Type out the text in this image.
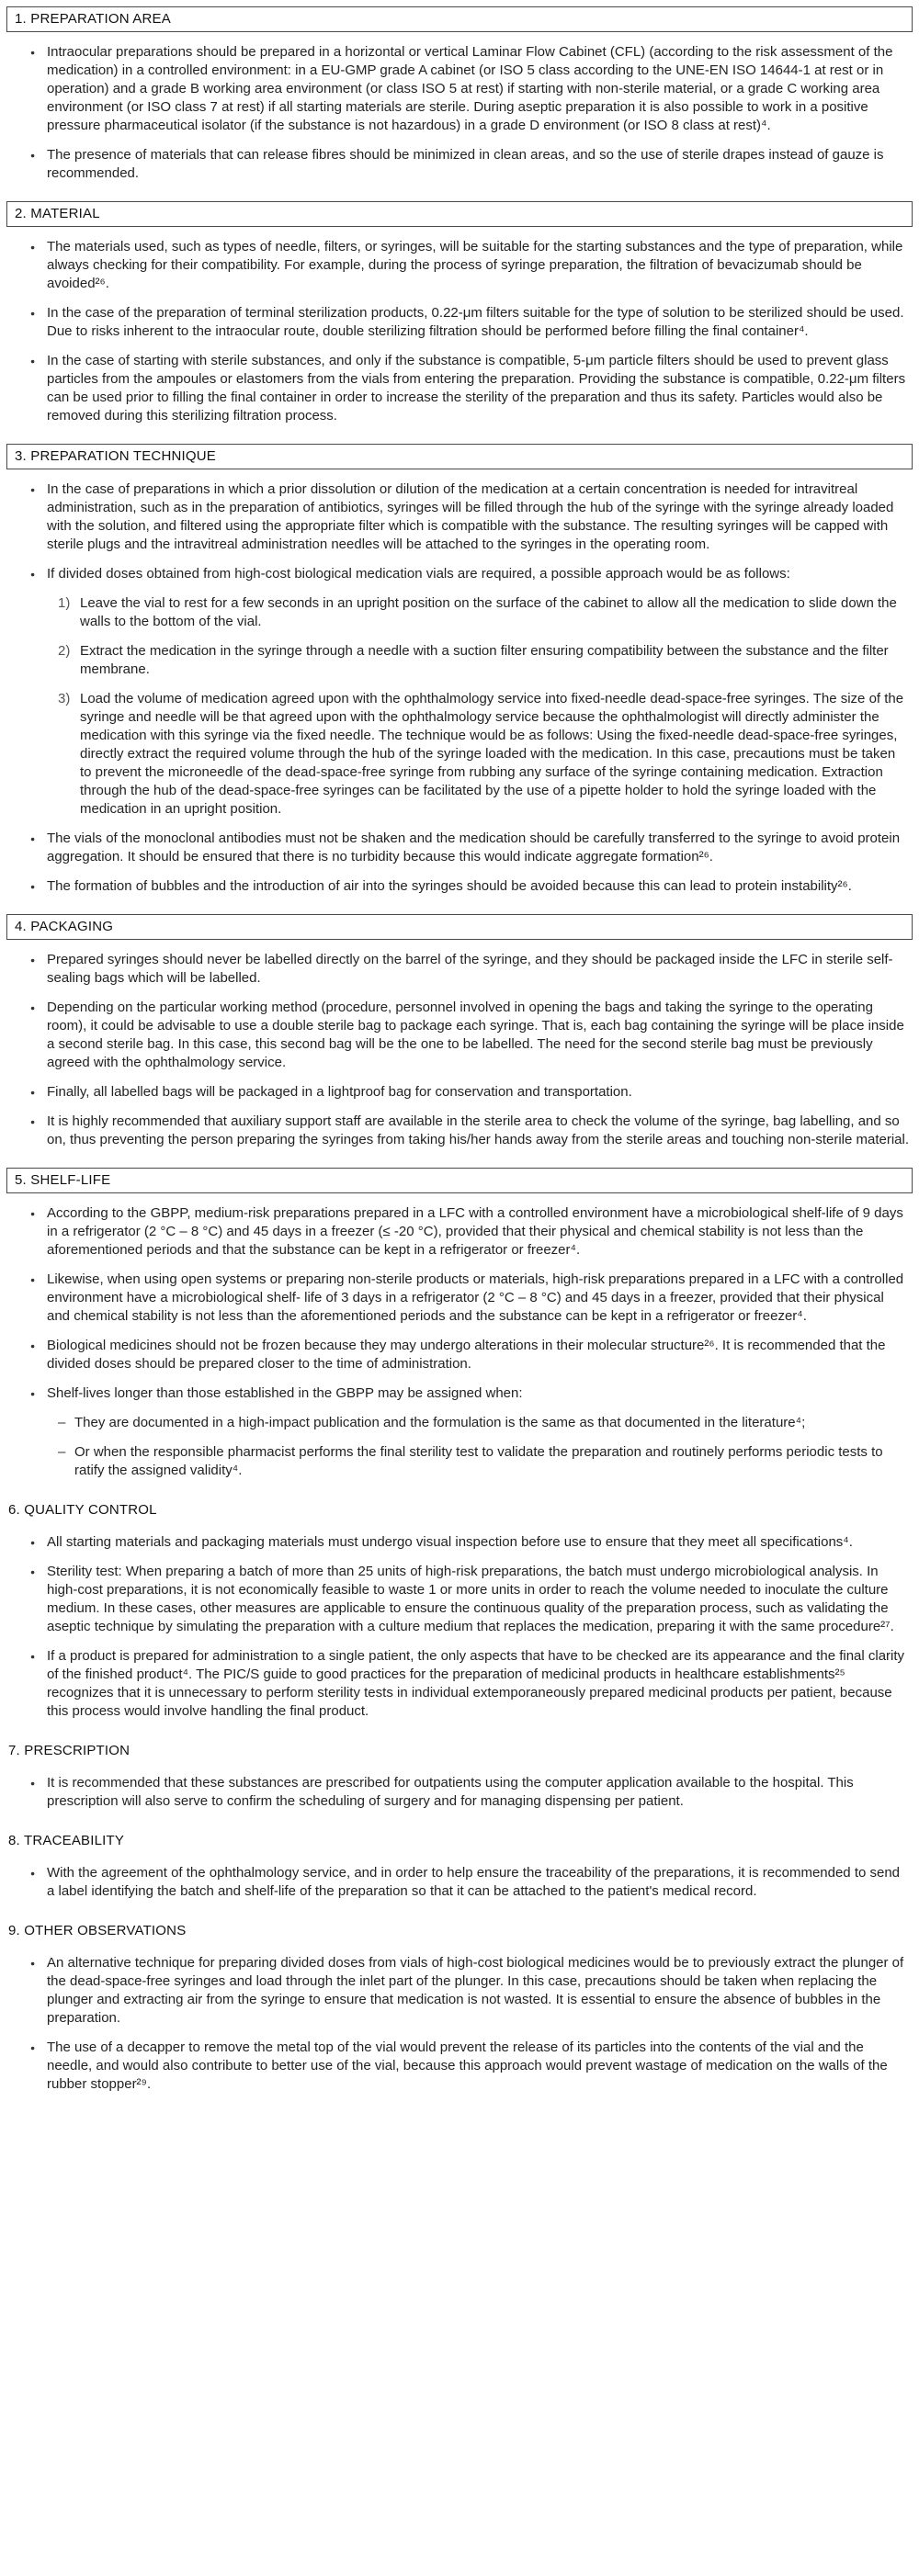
1. PREPARATION AREA
● Intraocular preparations should be prepared in a horizontal or vertical Laminar Flow Cabinet (CFL) (according to the risk assessment of the medication) in a controlled environment: in a EU-GMP grade A cabinet (or ISO 5 class according to the UNE-EN ISO 14644-1 at rest or in operation) and a grade B working area environment (or class ISO 5 at rest) if starting with non-sterile material, or a grade C working area environment (or ISO class 7 at rest) if all starting materials are sterile. During aseptic preparation it is also possible to work in a positive pressure pharmaceutical isolator (if the substance is not hazardous) in a grade D environment (or ISO 8 class at rest)⁴.
● The presence of materials that can release fibres should be minimized in clean areas, and so the use of sterile drapes instead of gauze is recommended.
2. MATERIAL
● The materials used, such as types of needle, filters, or syringes, will be suitable for the starting substances and the type of preparation, while always checking for their compatibility. For example, during the process of syringe preparation, the filtration of bevacizumab should be avoided²⁶.
● In the case of the preparation of terminal sterilization products, 0.22-μm filters suitable for the type of solution to be sterilized should be used. Due to risks inherent to the intraocular route, double sterilizing filtration should be performed before filling the final container⁴.
● In the case of starting with sterile substances, and only if the substance is compatible, 5-μm particle filters should be used to prevent glass particles from the ampoules or elastomers from the vials from entering the preparation. Providing the substance is compatible, 0.22-μm filters can be used prior to filling the final container in order to increase the sterility of the preparation and thus its safety. Particles would also be removed during this sterilizing filtration process.
3. PREPARATION TECHNIQUE
● In the case of preparations in which a prior dissolution or dilution of the medication at a certain concentration is needed for intravitreal administration, such as in the preparation of antibiotics, syringes will be filled through the hub of the syringe with the syringe already loaded with the solution, and filtered using the appropriate filter which is compatible with the substance. The resulting syringes will be capped with sterile plugs and the intravitreal administration needles will be attached to the syringes in the operating room.
● If divided doses obtained from high-cost biological medication vials are required, a possible approach would be as follows:
1) Leave the vial to rest for a few seconds in an upright position on the surface of the cabinet to allow all the medication to slide down the walls to the bottom of the vial.
2) Extract the medication in the syringe through a needle with a suction filter ensuring compatibility between the substance and the filter membrane.
3) Load the volume of medication agreed upon with the ophthalmology service into fixed-needle dead-space-free syringes. The size of the syringe and needle will be that agreed upon with the ophthalmology service because the ophthalmologist will directly administer the medication with this syringe via the fixed needle. The technique would be as follows: Using the fixed-needle dead-space-free syringes, directly extract the required volume through the hub of the syringe loaded with the medication. In this case, precautions must be taken to prevent the microneedle of the dead-space-free syringe from rubbing any surface of the syringe containing medication. Extraction through the hub of the dead-space-free syringes can be facilitated by the use of a pipette holder to hold the syringe loaded with the medication in an upright position.
● The vials of the monoclonal antibodies must not be shaken and the medication should be carefully transferred to the syringe to avoid protein aggregation. It should be ensured that there is no turbidity because this would indicate aggregate formation²⁶.
● The formation of bubbles and the introduction of air into the syringes should be avoided because this can lead to protein instability²⁶.
4. PACKAGING
● Prepared syringes should never be labelled directly on the barrel of the syringe, and they should be packaged inside the LFC in sterile self-sealing bags which will be labelled.
● Depending on the particular working method (procedure, personnel involved in opening the bags and taking the syringe to the operating room), it could be advisable to use a double sterile bag to package each syringe. That is, each bag containing the syringe will be place inside a second sterile bag. In this case, this second bag will be the one to be labelled. The need for the second sterile bag must be previously agreed with the ophthalmology service.
● Finally, all labelled bags will be packaged in a lightproof bag for conservation and transportation.
● It is highly recommended that auxiliary support staff are available in the sterile area to check the volume of the syringe, bag labelling, and so on, thus preventing the person preparing the syringes from taking his/her hands away from the sterile areas and touching non-sterile material.
5. SHELF-LIFE
● According to the GBPP, medium-risk preparations prepared in a LFC with a controlled environment have a microbiological shelf-life of 9 days in a refrigerator (2 °C – 8 °C) and 45 days in a freezer (≤ -20 °C), provided that their physical and chemical stability is not less than the aforementioned periods and that the substance can be kept in a refrigerator or freezer⁴.
● Likewise, when using open systems or preparing non-sterile products or materials, high-risk preparations prepared in a LFC with a controlled environment have a microbiological shelf- life of 3 days in a refrigerator (2 °C – 8 °C) and 45 days in a freezer, provided that their physical and chemical stability is not less than the aforementioned periods and the substance can be kept in a refrigerator or freezer⁴.
● Biological medicines should not be frozen because they may undergo alterations in their molecular structure²⁶. It is recommended that the divided doses should be prepared closer to the time of administration.
● Shelf-lives longer than those established in the GBPP may be assigned when:
– They are documented in a high-impact publication and the formulation is the same as that documented in the literature⁴;
– Or when the responsible pharmacist performs the final sterility test to validate the preparation and routinely performs periodic tests to ratify the assigned validity⁴.
6. QUALITY CONTROL
● All starting materials and packaging materials must undergo visual inspection before use to ensure that they meet all specifications⁴.
● Sterility test: When preparing a batch of more than 25 units of high-risk preparations, the batch must undergo microbiological analysis. In high-cost preparations, it is not economically feasible to waste 1 or more units in order to reach the volume needed to inoculate the culture medium. In these cases, other measures are applicable to ensure the continuous quality of the preparation process, such as validating the aseptic technique by simulating the preparation with a culture medium that replaces the medication, preparing it with the same procedure²⁷.
● If a product is prepared for administration to a single patient, the only aspects that have to be checked are its appearance and the final clarity of the finished product⁴. The PIC/S guide to good practices for the preparation of medicinal products in healthcare establishments²⁵ recognizes that it is unnecessary to perform sterility tests in individual extemporaneously prepared medicinal products per patient, because this process would involve handling the final product.
7. PRESCRIPTION
● It is recommended that these substances are prescribed for outpatients using the computer application available to the hospital. This prescription will also serve to confirm the scheduling of surgery and for managing dispensing per patient.
8. TRACEABILITY
● With the agreement of the ophthalmology service, and in order to help ensure the traceability of the preparations, it is recommended to send a label identifying the batch and shelf-life of the preparation so that it can be attached to the patient's medical record.
9. OTHER OBSERVATIONS
● An alternative technique for preparing divided doses from vials of high-cost biological medicines would be to previously extract the plunger of the dead-space-free syringes and load through the inlet part of the plunger. In this case, precautions should be taken when replacing the plunger and extracting air from the syringe to ensure that medication is not wasted. It is essential to ensure the absence of bubbles in the preparation.
● The use of a decapper to remove the metal top of the vial would prevent the release of its particles into the contents of the vial and the needle, and would also contribute to better use of the vial, because this approach would prevent wastage of medication on the walls of the rubber stopper²⁹.
